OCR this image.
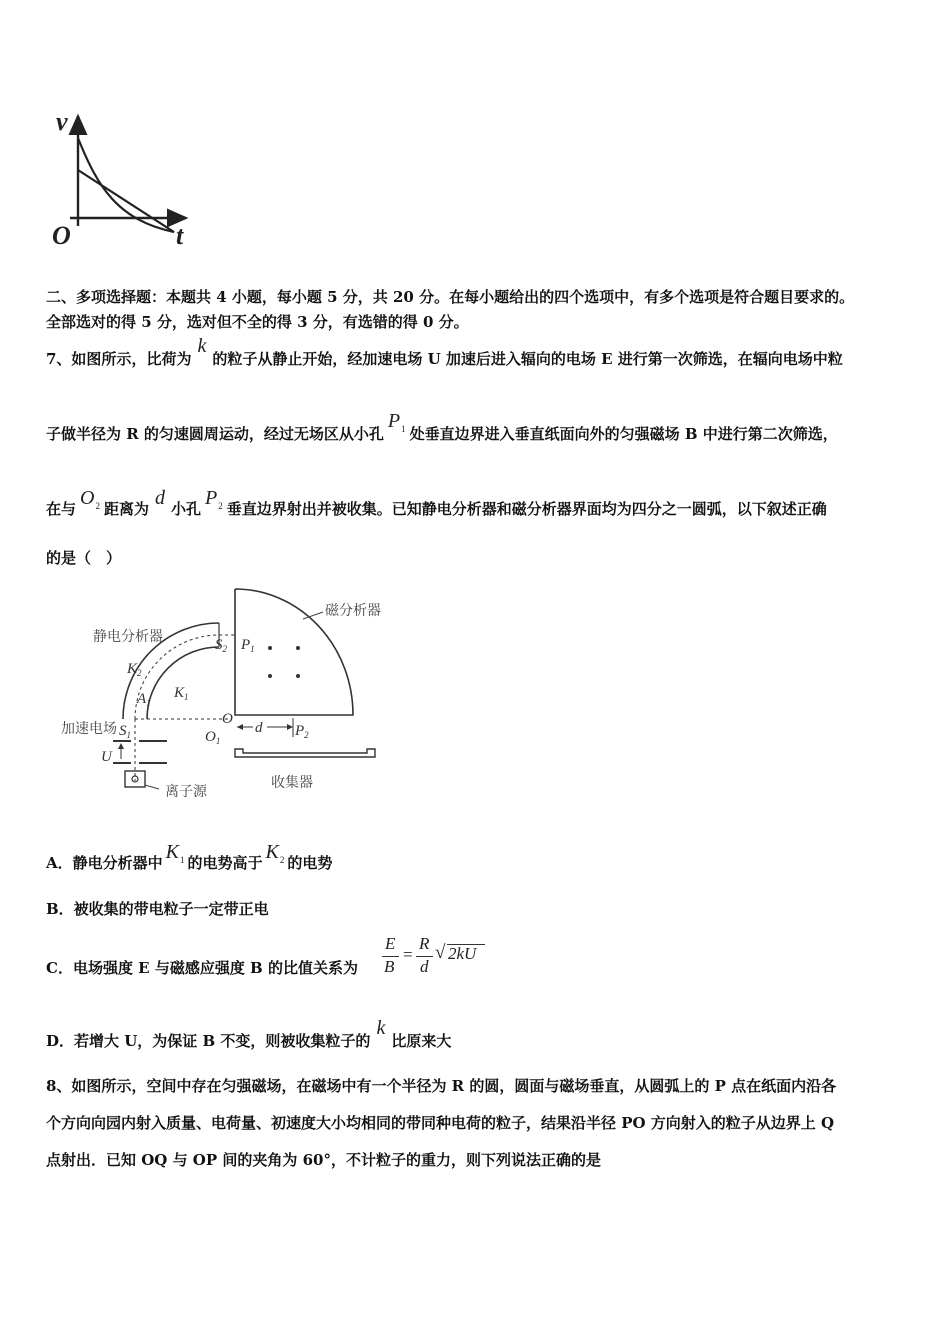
v
t
O
二、多项选择题：本题共 4 小题，每小题 5 分，共 20 分。在每小题给出的四个选项中，有多个选项是符合题目要求的。
全部选对的得 5 分，选对但不全的得 3 分，有选错的得 0 分。
7、如图所示，比荷为k的粒子从静止开始，经加速电场 U 加速后进入辐向的电场 E 进行第一次筛选，在辐向电场中粒
子做半径为 R 的匀速圆周运动，经过无场区从小孔$P_1$ 处垂直边界进入垂直纸面向外的匀强磁场 B 中进行第二次筛选，
在与 $O_2$ 距离为 d 小孔 $P_2$ 垂直边界射出并被收集。已知静电分析器和磁分析器界面均为四分之一圆弧，以下叙述正确
的是（　）
磁分析器
$P_1$
O
$O_1$
d $P_2$
收集器
静电分析器	$S_2$
$K_2$
$K_1$
$A_1$
$S_1$
加速电场
U
离子源
A．静电分析器中 $K_1$ 的电势高于 $K_2$ 的电势
B．被收集的带电粒子一定带正电
C．电场强度 E 与磁感应强度 B 的比值关系为
E
B
=
R
d
√ 2kU
D．若增大 U，为保证 B 不变，则被收集粒子的k比原来大
8、如图所示，空间中存在匀强磁场，在磁场中有一个半径为 R 的圆，圆面与磁场垂直，从圆弧上的 P 点在纸面内沿各
个方向向园内射入质量、电荷量、初速度大小均相同的带同种电荷的粒子，结果沿半径 PO 方向射入的粒子从边界上 Q
点射出．已知 OQ 与 OP 间的夹角为 60°，不计粒子的重力，则下列说法正确的是
